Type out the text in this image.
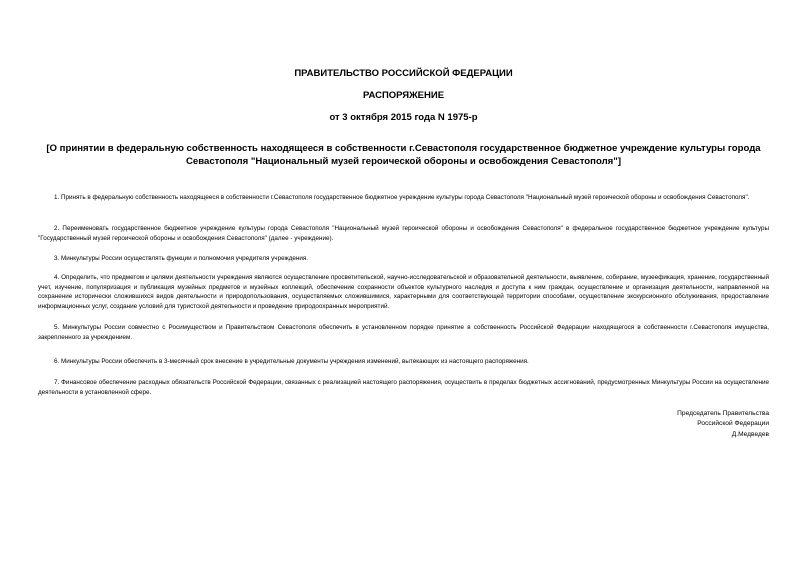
ПРАВИТЕЛЬСТВО РОССИЙСКОЙ ФЕДЕРАЦИИ
РАСПОРЯЖЕНИЕ
от 3 октября 2015 года N 1975-р
[О принятии в федеральную собственность находящееся в собственности г.Севастополя государственное бюджетное учреждение культуры города Севастополя "Национальный музей героической обороны и освобождения Севастополя"]

1. Принять в федеральную собственность находящееся в собственности г.Севастополя государственное бюджетное учреждение культуры города Севастополя "Национальный музей героической обороны и освобождения Севастополя".

2. Переименовать государственное бюджетное учреждение культуры города Севастополя "Национальный музей героической обороны и освобождения Севастополя" в федеральное государственное бюджетное учреждение культуры "Государственный музей героической обороны и освобождения Севастополя" (далее - учреждение).

3. Минкультуры России осуществлять функции и полномочия учредителя учреждения.

4. Определить, что предметом и целями деятельности учреждения являются осуществление просветительской, научно-исследовательской и образовательной деятельности, выявление, собирание, музеефикация, хранение, государственный учет, изучение, популяризация и публикация музейных предметов и музейных коллекций, обеспечение сохранности объектов культурного наследия и доступа к ним граждан, осуществление и организация деятельности, направленной на сохранение исторически сложившихся видов деятельности и природопользования, осуществляемых сложившимися, характерными для соответствующей территории способами, осуществление экскурсионного обслуживания, предоставление информационных услуг, создание условий для туристской деятельности и проведение природоохранных мероприятий.

5. Минкультуры России совместно с Росимуществом и Правительством Севастополя обеспечить в установленном порядке принятие в собственность Российской Федерации находящегося в собственности г.Севастополя имущества, закрепленного за учреждением.

6. Минкультуры России обеспечить в 3-месячный срок внесение в учредительные документы учреждения изменений, вытекающих из настоящего распоряжения.

7. Финансовое обеспечение расходных обязательств Российской Федерации, связанных с реализацией настоящего распоряжения, осуществить в пределах бюджетных ассигнований, предусмотренных Минкультуры России на осуществление деятельности в установленной сфере.

Председатель Правительства
Российской Федерации
Д.Медведев
